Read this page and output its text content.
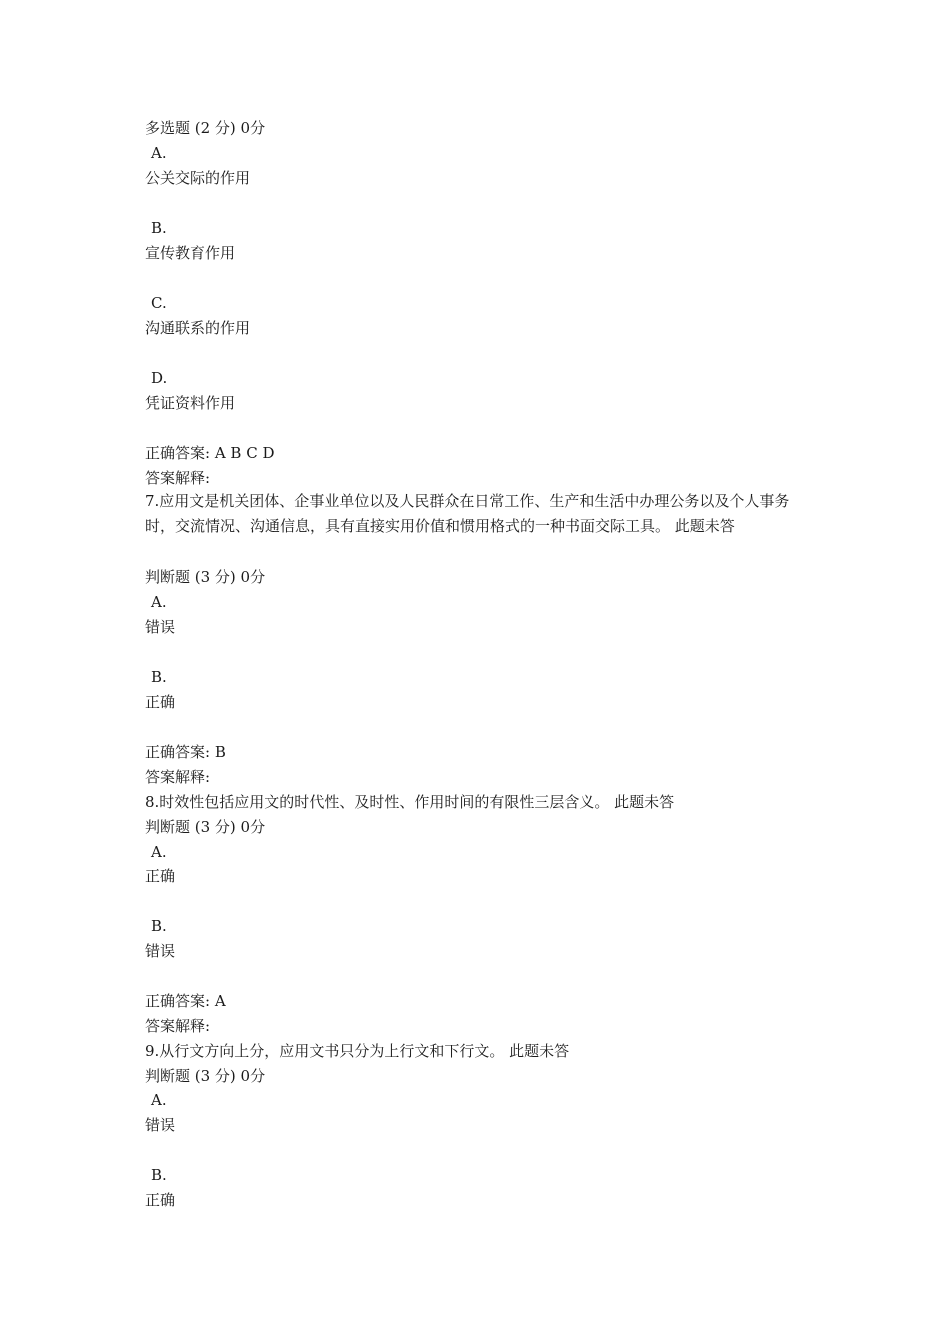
多选题 (2 分) 0分
A.
公关交际的作用
B.
宣传教育作用
C.
沟通联系的作用
D.
凭证资料作用
正确答案: A B C D
答案解释:
7.应用文是机关团体、企事业单位以及人民群众在日常工作、生产和生活中办理公务以及个人事务时，交流情况、沟通信息，具有直接实用价值和惯用格式的一种书面交际工具。 此题未答
判断题 (3 分) 0分
A.
错误
B.
正确
正确答案: B
答案解释:
8.时效性包括应用文的时代性、及时性、作用时间的有限性三层含义。 此题未答
判断题 (3 分) 0分
A.
正确
B.
错误
正确答案: A
答案解释:
9.从行文方向上分，应用文书只分为上行文和下行文。 此题未答
判断题 (3 分) 0分
A.
错误
B.
正确
